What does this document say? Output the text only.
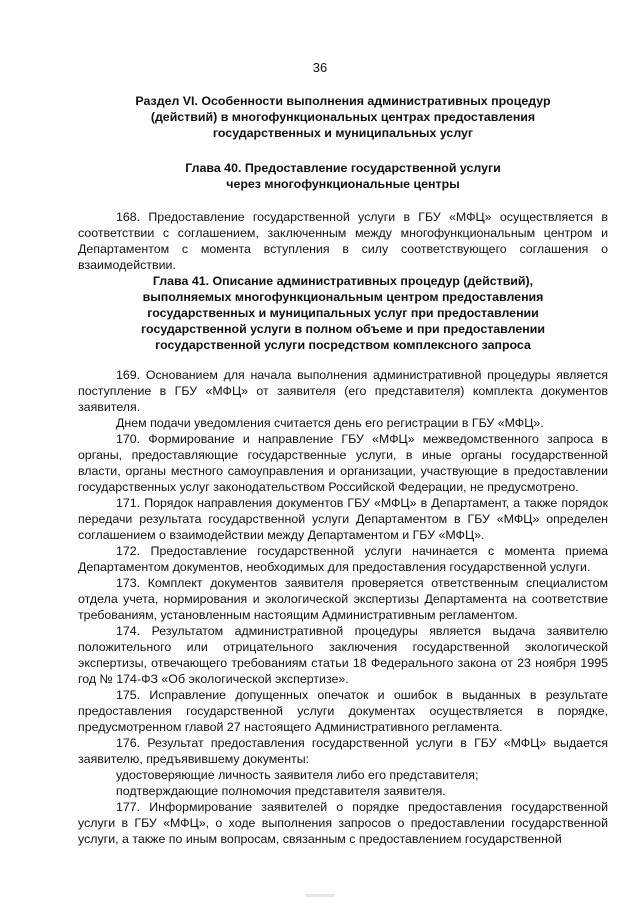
36
Раздел VI. Особенности выполнения административных процедур
(действий) в многофункциональных центрах предоставления
государственных и муниципальных услуг
Глава 40. Предоставление государственной услуги
через многофункциональные центры

168. Предоставление государственной услуги в ГБУ «МФЦ» осуществляется в соответствии с соглашением, заключенным между многофункциональным центром и Департаментом с момента вступления в силу соответствующего соглашения о взаимодействии.

Глава 41. Описание административных процедур (действий),
выполняемых многофункциональным центром предоставления
государственных и муниципальных услуг при предоставлении
государственной услуги в полном объеме и при предоставлении
государственной услуги посредством комплексного запроса

169. Основанием для начала выполнения административной процедуры является поступление в ГБУ «МФЦ» от заявителя (его представителя) комплекта документов заявителя.

Днем подачи уведомления считается день его регистрации в ГБУ «МФЦ».

170. Формирование и направление ГБУ «МФЦ» межведомственного запроса в органы, предоставляющие государственные услуги, в иные органы государственной власти, органы местного самоуправления и организации, участвующие в предоставлении государственных услуг законодательством Российской Федерации, не предусмотрено.

171. Порядок направления документов ГБУ «МФЦ» в Департамент, а также порядок передачи результата государственной услуги Департаментом в ГБУ «МФЦ» определен соглашением о взаимодействии между Департаментом и ГБУ «МФЦ».

172. Предоставление государственной услуги начинается с момента приема Департаментом документов, необходимых для предоставления государственной услуги.

173. Комплект документов заявителя проверяется ответственным специалистом отдела учета, нормирования и экологической экспертизы Департамента на соответствие требованиям, установленным настоящим Административным регламентом.

174. Результатом административной процедуры является выдача заявителю положительного или отрицательного заключения государственной экологической экспертизы, отвечающего требованиям статьи 18 Федерального закона от 23 ноября 1995 год № 174-ФЗ «Об экологической экспертизе».

175. Исправление допущенных опечаток и ошибок в выданных в результате предоставления государственной услуги документах осуществляется в порядке, предусмотренном главой 27 настоящего Административного регламента.

176. Результат предоставления государственной услуги в ГБУ «МФЦ» выдается заявителю, предъявившему документы:

удостоверяющие личность заявителя либо его представителя;

подтверждающие полномочия представителя заявителя.

177. Информирование заявителей о порядке предоставления государственной услуги в ГБУ «МФЦ», о ходе выполнения запросов о предоставлении государственной услуги, а также по иным вопросам, связанным с предоставлением государственной
